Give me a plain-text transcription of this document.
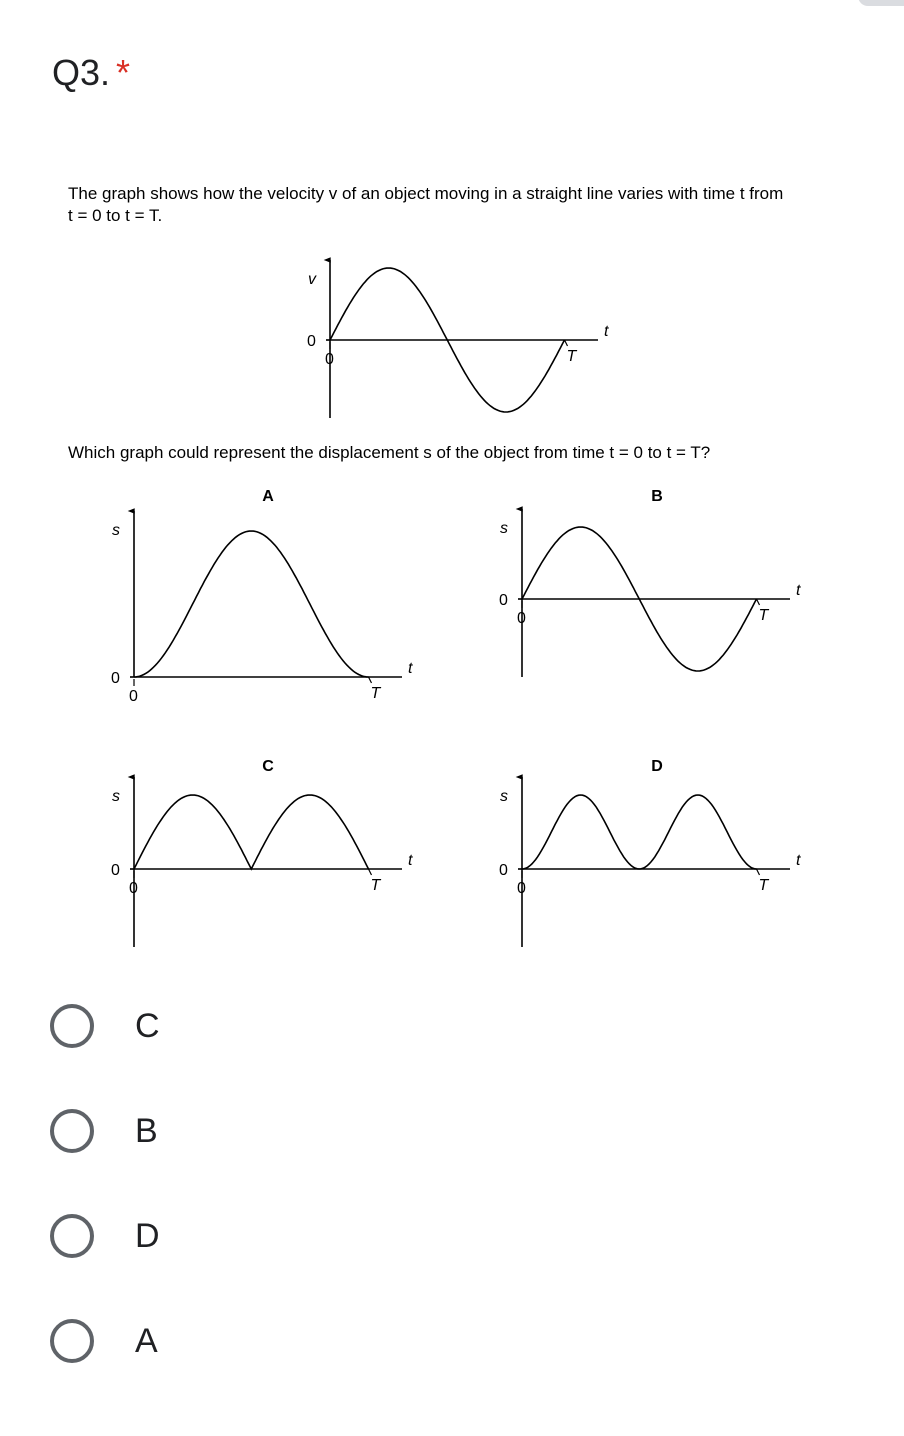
Q3. *
The graph shows how the velocity v of an object moving in a straight line varies with time t from
t = 0 to t = T.
Which graph could represent the displacement s of the object from time t = 0 to t = T?
v
t
0
0	T
A
s
t
0
0	T
B
s
t
0
0	T
C
s
t
0
0	T
D
s
t
0
0	T
C
B
D
A
